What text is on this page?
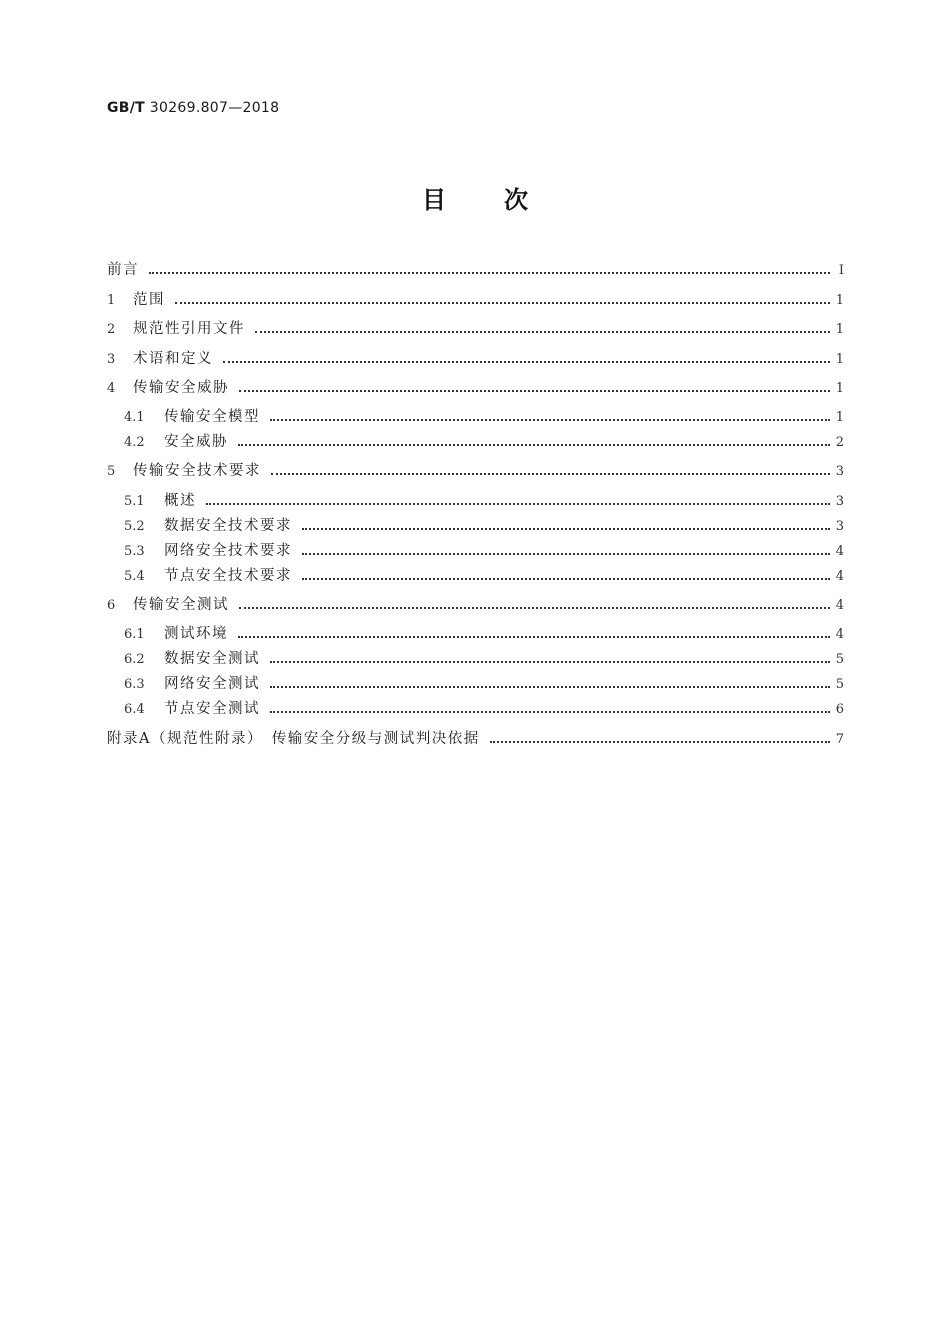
GB/T 30269.807—2018
目 次
前言	Ⅰ
1	范围	1
2	规范性引用文件	1
3	术语和定义	1
4	传输安全威胁	1
4.1	传输安全模型	1
4.2	安全威胁	2
5	传输安全技术要求	3
5.1	概述	3
5.2	数据安全技术要求	3
5.3	网络安全技术要求	4
5.4	节点安全技术要求	4
6	传输安全测试	4
6.1	测试环境	4
6.2	数据安全测试	5
6.3	网络安全测试	5
6.4	节点安全测试	6
附录A（规范性附录）　传输安全分级与测试判决依据	7
